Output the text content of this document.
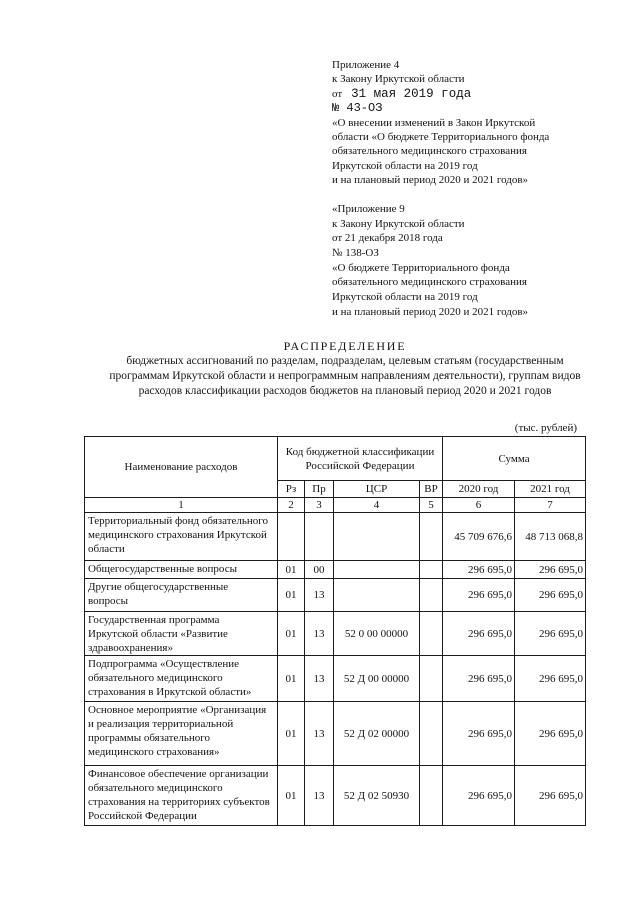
Приложение 4
к Закону Иркутской области
от 31 мая 2019 года
№ 43-ОЗ
«О внесении изменений в Закон Иркутской
области «О бюджете Территориального фонда
обязательного медицинского страхования
Иркутской области на 2019 год
и на плановый период 2020 и 2021 годов»
«Приложение 9
к Закону Иркутской области
от 21 декабря 2018 года
№ 138-ОЗ
«О бюджете Территориального фонда
обязательного медицинского страхования
Иркутской области на 2019 год
и на плановый период 2020 и 2021 годов»
РАСПРЕДЕЛЕНИЕ
бюджетных ассигнований по разделам, подразделам, целевым статьям (государственным
программам Иркутской области и непрограммным направлениям деятельности), группам видов
расходов классификации расходов бюджетов на плановый период 2020 и 2021 годов
(тыс. рублей)
Наименование расходов	Код бюджетной классификации
Российской Федерации				Сумма	
	Рз	Пр	ЦСР	ВР	2020 год	2021 год
1	2	3	4	5	6	7
Территориальный фонд обязательного
медицинского страхования Иркутской
области					45 709 676,6	48 713 068,8
Общегосударственные вопросы	01	00			296 695,0	296 695,0
Другие общегосударственные
вопросы	01	13			296 695,0	296 695,0
Государственная программа
Иркутской области «Развитие
здравоохранения»	01	13	52 0 00 00000		296 695,0	296 695,0
Подпрограмма «Осуществление
обязательного медицинского
страхования в Иркутской области»	01	13	52 Д 00 00000		296 695,0	296 695,0
Основное мероприятие «Организация
и реализация территориальной
программы обязательного
медицинского страхования»	01	13	52 Д 02 00000		296 695,0	296 695,0
Финансовое обеспечение организации
обязательного медицинского
страхования на территориях субъектов
Российской Федерации	01	13	52 Д 02 50930		296 695,0	296 695,0
